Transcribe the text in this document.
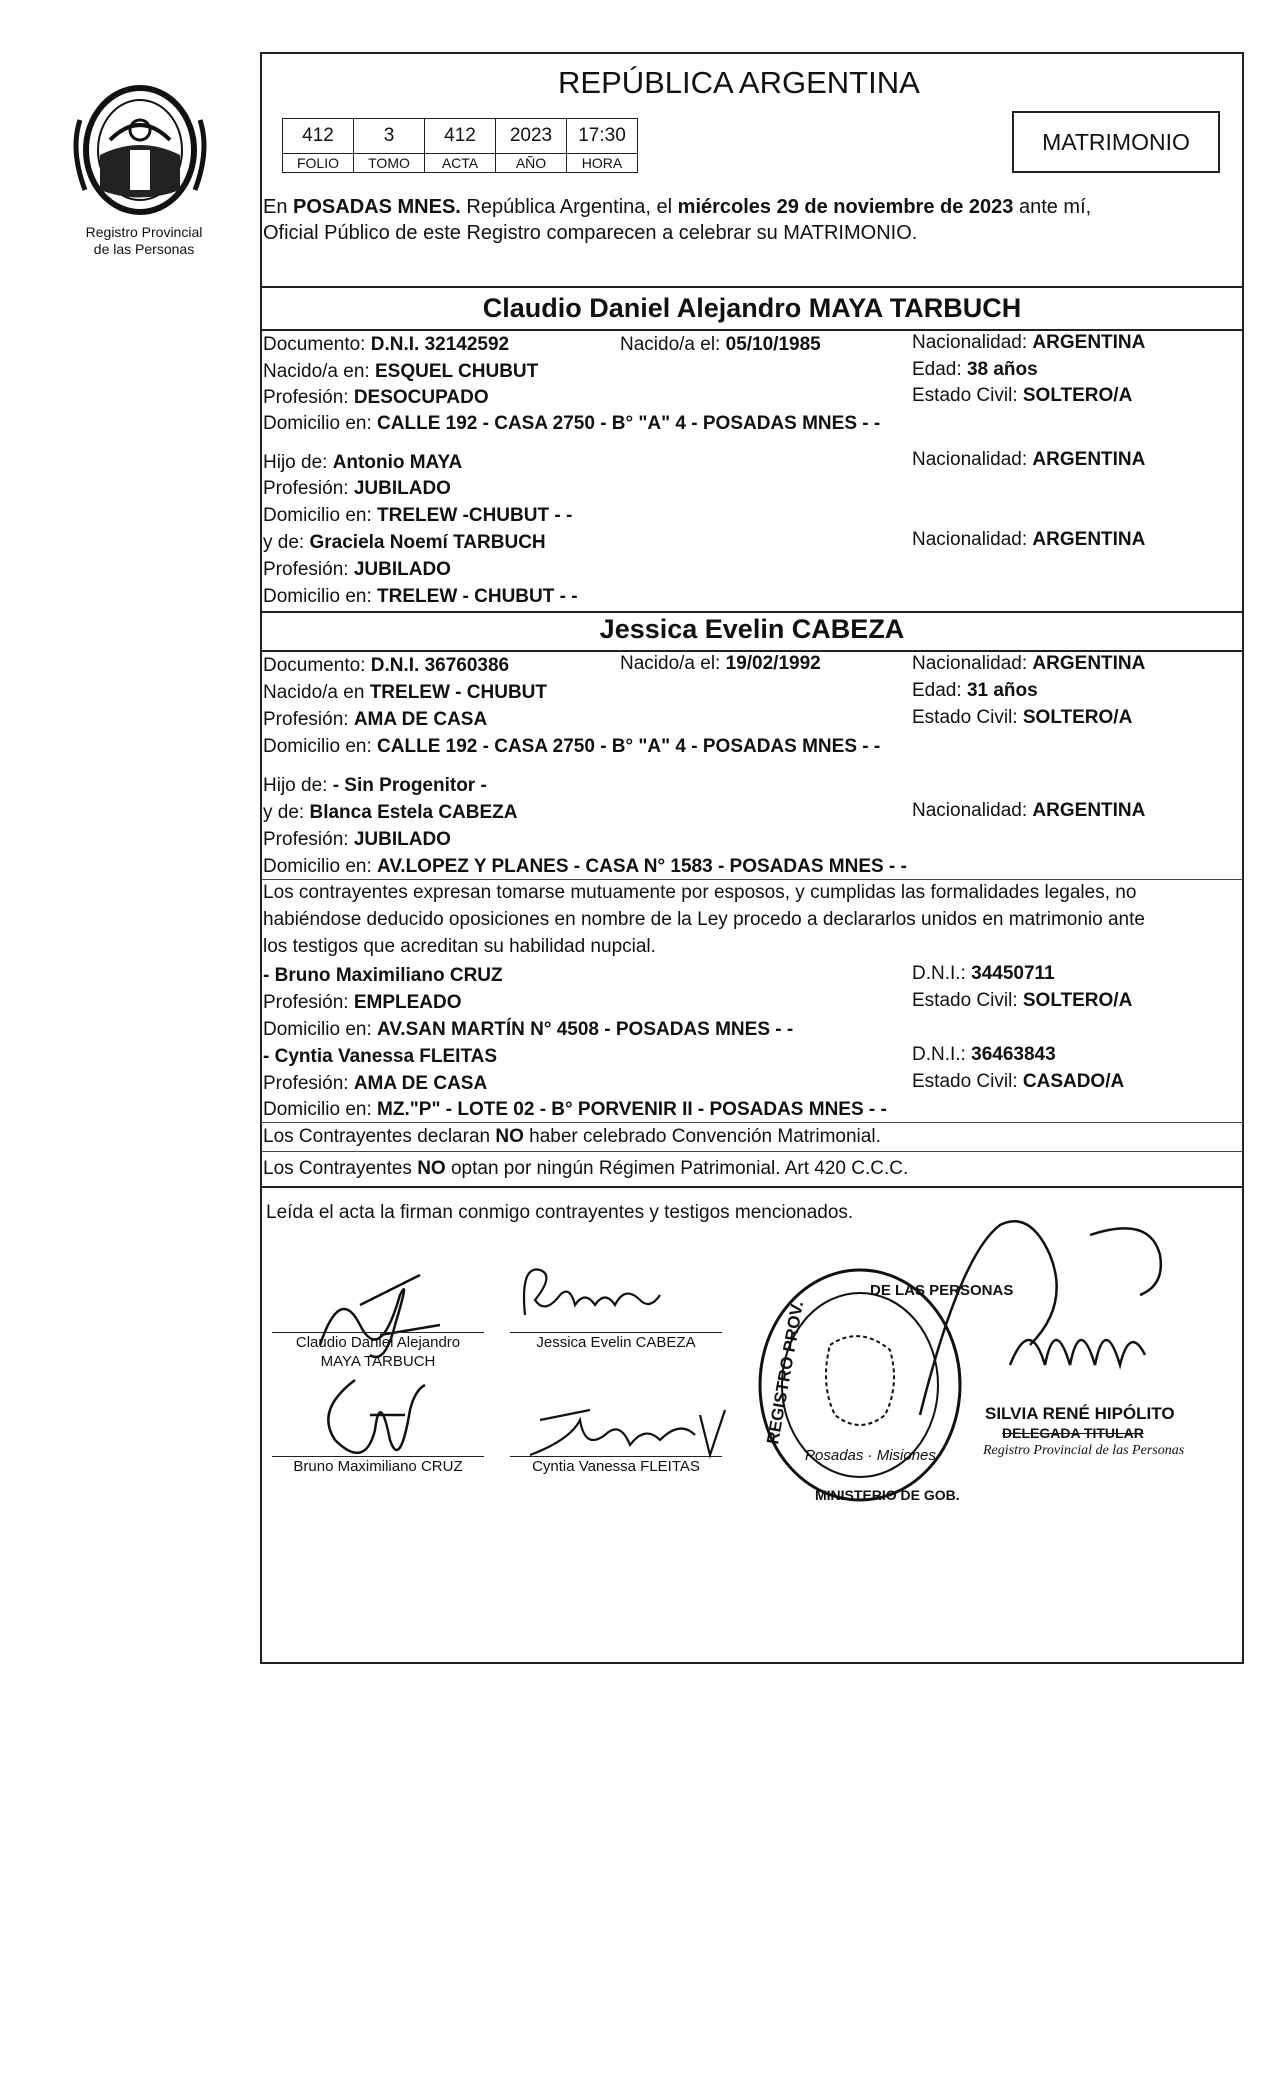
Registro Provincial
de las Personas
REPÚBLICA ARGENTINA
412	3	412	2023	17:30
FOLIO	TOMO	ACTA	AÑO	HORA
MATRIMONIO
En POSADAS MNES. República Argentina, el miércoles 29 de noviembre de 2023 ante mí,
Oficial Público de este Registro comparecen a celebrar su MATRIMONIO.
Claudio Daniel Alejandro MAYA TARBUCH
Documento: D.N.I. 32142592	Nacido/a el: 05/10/1985	Nacionalidad: ARGENTINA
Nacido/a en: ESQUEL CHUBUT	Edad: 38 años
Profesión: DESOCUPADO	Estado Civil: SOLTERO/A
Domicilio en: CALLE 192 - CASA 2750 - B° "A" 4 - POSADAS MNES - -
Hijo de: Antonio MAYA	Nacionalidad: ARGENTINA
Profesión: JUBILADO
Domicilio en: TRELEW -CHUBUT - -
y de: Graciela Noemí TARBUCH	Nacionalidad: ARGENTINA
Profesión: JUBILADO
Domicilio en: TRELEW - CHUBUT - -
Jessica Evelin CABEZA
Documento: D.N.I. 36760386	Nacido/a el: 19/02/1992	Nacionalidad: ARGENTINA
Nacido/a en TRELEW - CHUBUT	Edad: 31 años
Profesión: AMA DE CASA	Estado Civil: SOLTERO/A
Domicilio en: CALLE 192 - CASA 2750 - B° "A" 4 - POSADAS MNES - -
Hijo de: - Sin Progenitor -
y de: Blanca Estela CABEZA	Nacionalidad: ARGENTINA
Profesión: JUBILADO
Domicilio en: AV.LOPEZ Y PLANES - CASA N° 1583 - POSADAS MNES - -
Los contrayentes expresan tomarse mutuamente por esposos, y cumplidas las formalidades legales, no
habiéndose deducido oposiciones en nombre de la Ley procedo a declararlos unidos en matrimonio ante
los testigos que acreditan su habilidad nupcial.
- Bruno Maximiliano CRUZ	D.N.I.: 34450711
Profesión: EMPLEADO	Estado Civil: SOLTERO/A
Domicilio en: AV.SAN MARTÍN N° 4508 - POSADAS MNES - -
- Cyntia Vanessa FLEITAS	D.N.I.: 36463843
Profesión: AMA DE CASA	Estado Civil: CASADO/A
Domicilio en: MZ."P" - LOTE 02 - B° PORVENIR II - POSADAS MNES - -
Los Contrayentes declaran NO haber celebrado Convención Matrimonial.
Los Contrayentes NO optan por ningún Régimen Patrimonial. Art 420 C.C.C.
Leída el acta la firman conmigo contrayentes y testigos mencionados.
Claudio Daniel Alejandro
MAYA TARBUCH
Jessica Evelin CABEZA
Bruno Maximiliano CRUZ	Cyntia Vanessa FLEITAS
REGISTRO PROV.
DE LAS PERSONAS
MINISTERIO DE GOB.
Posadas · Misiones
SILVIA RENÉ HIPÓLITO
DELEGADA TITULAR
Registro Provincial de las Personas
